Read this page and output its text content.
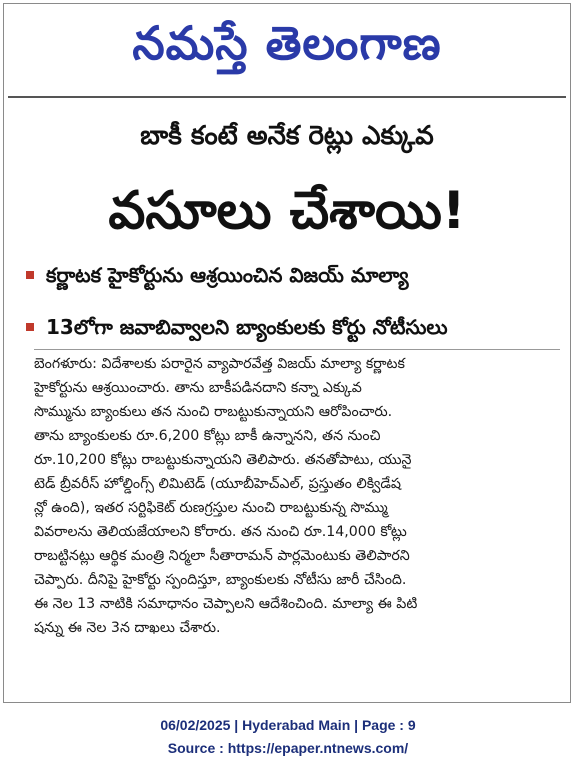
నమస్తే తెలంగాణ
బాకీ కంటే అనేక రెట్లు ఎక్కువ
వసూలు చేశాయి!
కర్ణాటక హైకోర్టును ఆశ్రయించిన విజయ్ మాల్యా
13లోగా జవాబివ్వాలని బ్యాంకులకు కోర్టు నోటీసులు

బెంగళూరు: విదేశాలకు పరారైన వ్యాపారవేత్త విజయ్ మాల్యా కర్ణాటక

హైకోర్టును ఆశ్రయించారు. తాను బాకీపడినదాని కన్నా ఎక్కువ

సొమ్మును బ్యాంకులు తన నుంచి రాబట్టుకున్నాయని ఆరోపించారు.

తాను బ్యాంకులకు రూ.6,200 కోట్లు బాకీ ఉన్నానని, తన నుంచి

రూ.10,200 కోట్లు రాబట్టుకున్నాయని తెలిపారు. తనతోపాటు, యునై

టెడ్ బ్రీవరీస్ హోల్డింగ్స్ లిమిటెడ్ (యూబీహెచ్ఎల్, ప్రస్తుతం లిక్విడేష

న్లో ఉంది), ఇతర సర్టిఫికెట్ రుణగ్రస్తుల నుంచి రాబట్టుకున్న సొమ్ము

వివరాలను తెలియజేయాలని కోరారు. తన నుంచి రూ.14,000 కోట్లు

రాబట్టినట్లు ఆర్థిక మంత్రి నిర్మలా సీతారామన్ పార్లమెంటుకు తెలిపారని

చెప్పారు. దీనిపై హైకోర్టు స్పందిస్తూ, బ్యాంకులకు నోటీసు జారీ చేసింది.

ఈ నెల 13 నాటికి సమాధానం చెప్పాలని ఆదేశించింది. మాల్యా ఈ పిటి

షన్ను ఈ నెల 3న దాఖలు చేశారు.

06/02/2025 | Hyderabad Main | Page : 9
Source : https://epaper.ntnews.com/
